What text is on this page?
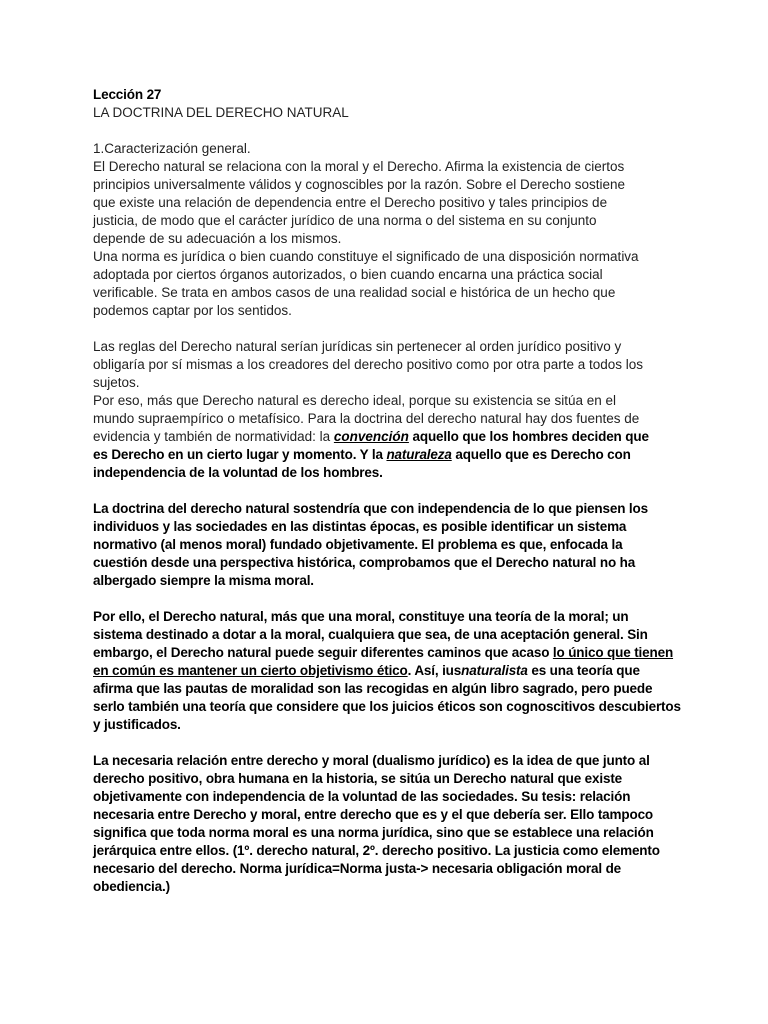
Lección 27
LA DOCTRINA DEL DERECHO NATURAL
1.Caracterización general.
El Derecho natural se relaciona con la moral y el Derecho. Afirma la existencia de ciertos
principios universalmente válidos y cognoscibles por la razón. Sobre el Derecho sostiene
que existe una relación de dependencia entre el Derecho positivo y tales principios de
justicia, de modo que el carácter jurídico de una norma o del sistema en su conjunto
depende de su adecuación a los mismos.
Una norma es jurídica o bien cuando constituye el significado de una disposición normativa
adoptada por ciertos órganos autorizados, o bien cuando encarna una práctica social
verificable. Se trata en ambos casos de una realidad social e histórica de un hecho que
podemos captar por los sentidos.
Las reglas del Derecho natural serían jurídicas sin pertenecer al orden jurídico positivo y
obligaría por sí mismas a los creadores del derecho positivo como por otra parte a todos los
sujetos.
Por eso, más que Derecho natural es derecho ideal, porque su existencia se sitúa en el
mundo supraempírico o metafísico. Para la doctrina del derecho natural hay dos fuentes de
evidencia y también de normatividad: la convención aquello que los hombres deciden que
es Derecho en un cierto lugar y momento. Y la naturaleza aquello que es Derecho con
independencia de la voluntad de los hombres.
La doctrina del derecho natural sostendría que con independencia de lo que piensen los
individuos y las sociedades en las distintas épocas, es posible identificar un sistema
normativo (al menos moral) fundado objetivamente. El problema es que, enfocada la
cuestión desde una perspectiva histórica, comprobamos que el Derecho natural no ha
albergado siempre la misma moral.
Por ello, el Derecho natural, más que una moral, constituye una teoría de la moral; un
sistema destinado a dotar a la moral, cualquiera que sea, de una aceptación general. Sin
embargo, el Derecho natural puede seguir diferentes caminos que acaso lo único que tienen
en común es mantener un cierto objetivismo ético. Así, iusnaturalista es una teoría que
afirma que las pautas de moralidad son las recogidas en algún libro sagrado, pero puede
serlo también una teoría que considere que los juicios éticos son cognoscitivos descubiertos
y justificados.
La necesaria relación entre derecho y moral (dualismo jurídico) es la idea de que junto al
derecho positivo, obra humana en la historia, se sitúa un Derecho natural que existe
objetivamente con independencia de la voluntad de las sociedades. Su tesis: relación
necesaria entre Derecho y moral, entre derecho que es y el que debería ser. Ello tampoco
significa que toda norma moral es una norma jurídica, sino que se establece una relación
jerárquica entre ellos. (1º. derecho natural, 2º. derecho positivo. La justicia como elemento
necesario del derecho. Norma jurídica=Norma justa-> necesaria obligación moral de
obediencia.)
